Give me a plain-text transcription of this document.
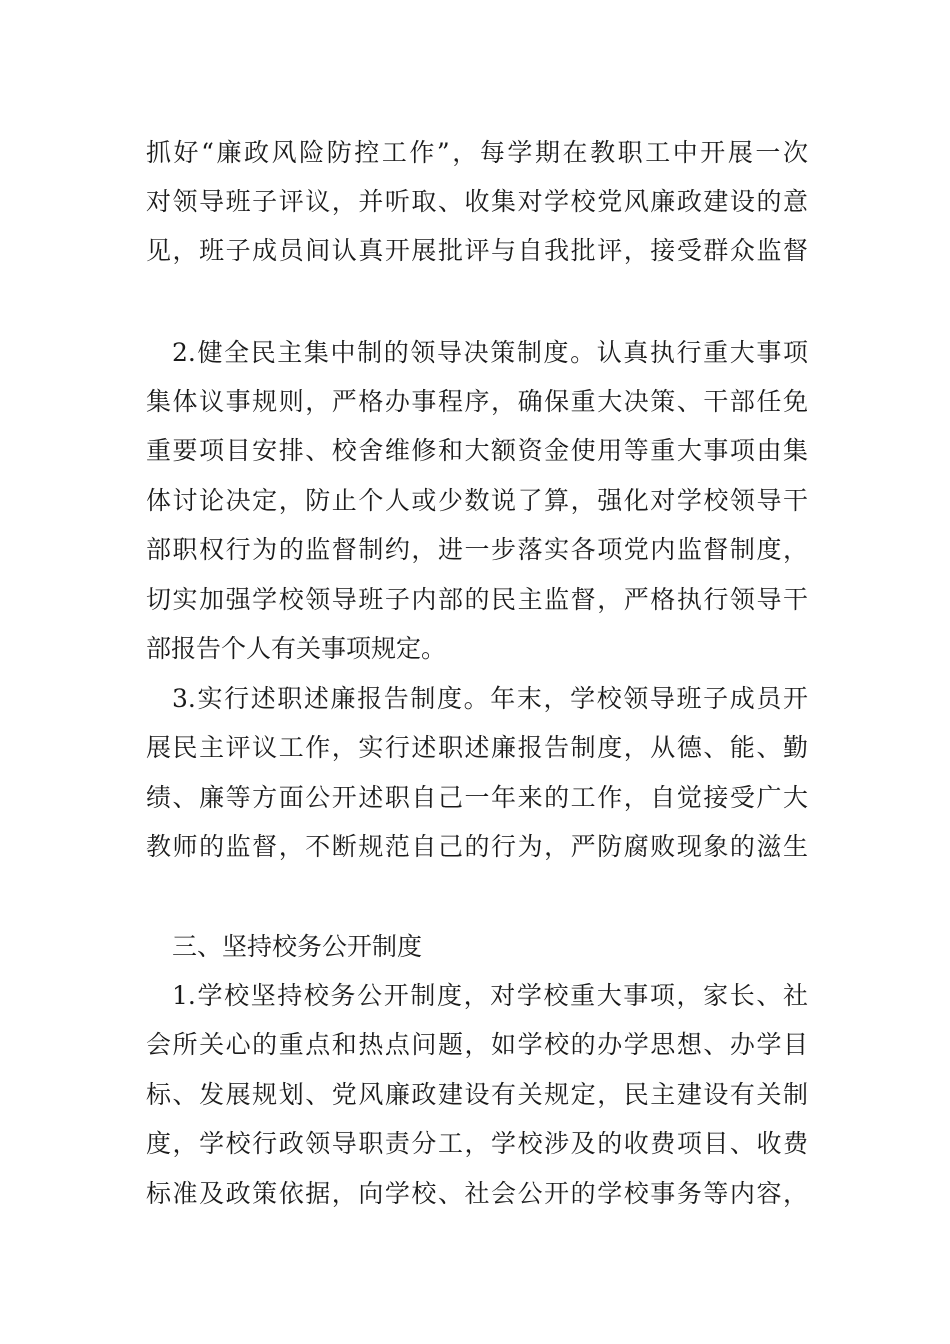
抓好“廉政风险防控工作”，每学期在教职工中开展一次
对领导班子评议，并听取、收集对学校党风廉政建设的意
见，班子成员间认真开展批评与自我批评，接受群众监督
2.健全民主集中制的领导决策制度。认真执行重大事项
集体议事规则，严格办事程序，确保重大决策、干部任免
重要项目安排、校舍维修和大额资金使用等重大事项由集
体讨论决定，防止个人或少数说了算，强化对学校领导干
部职权行为的监督制约，进一步落实各项党内监督制度，
切实加强学校领导班子内部的民主监督，严格执行领导干
部报告个人有关事项规定。
3.实行述职述廉报告制度。年末，学校领导班子成员开
展民主评议工作，实行述职述廉报告制度，从德、能、勤
绩、廉等方面公开述职自己一年来的工作，自觉接受广大
教师的监督，不断规范自己的行为，严防腐败现象的滋生
三、坚持校务公开制度
1.学校坚持校务公开制度，对学校重大事项，家长、社
会所关心的重点和热点问题，如学校的办学思想、办学目
标、发展规划、党风廉政建设有关规定，民主建设有关制
度，学校行政领导职责分工，学校涉及的收费项目、收费
标准及政策依据，向学校、社会公开的学校事务等内容，
